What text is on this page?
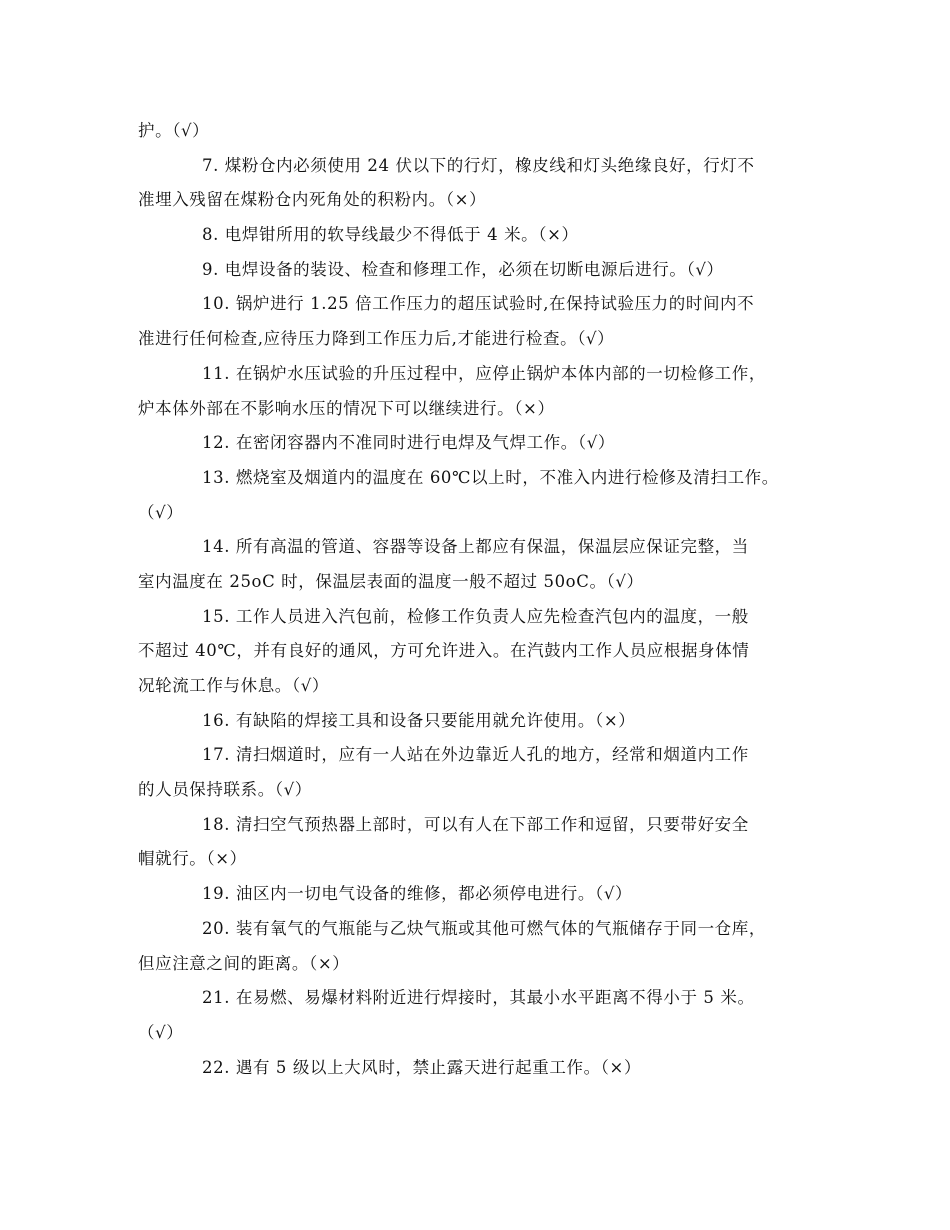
护。（√）
7. 煤粉仓内必须使用 24 伏以下的行灯，橡皮线和灯头绝缘良好，行灯不
准埋入残留在煤粉仓内死角处的积粉内。（×）
8. 电焊钳所用的软导线最少不得低于 4 米。（×）
9. 电焊设备的装设、检查和修理工作，必须在切断电源后进行。（√）
10. 锅炉进行 1.25 倍工作压力的超压试验时,在保持试验压力的时间内不
准进行任何检查,应待压力降到工作压力后,才能进行检查。（√）
11. 在锅炉水压试验的升压过程中，应停止锅炉本体内部的一切检修工作，
炉本体外部在不影响水压的情况下可以继续进行。（×）
12. 在密闭容器内不准同时进行电焊及气焊工作。（√）
13. 燃烧室及烟道内的温度在 60℃以上时，不准入内进行检修及清扫工作。
（√）
14. 所有高温的管道、容器等设备上都应有保温，保温层应保证完整，当
室内温度在 25oC 时，保温层表面的温度一般不超过 50oC。（√）
15. 工作人员进入汽包前，检修工作负责人应先检查汽包内的温度，一般
不超过 40℃，并有良好的通风，方可允许进入。在汽鼓内工作人员应根据身体情
况轮流工作与休息。（√）
16. 有缺陷的焊接工具和设备只要能用就允许使用。（×）
17. 清扫烟道时，应有一人站在外边靠近人孔的地方，经常和烟道内工作
的人员保持联系。（√）
18. 清扫空气预热器上部时，可以有人在下部工作和逗留，只要带好安全
帽就行。（×）
19. 油区内一切电气设备的维修，都必须停电进行。（√）
20. 装有氧气的气瓶能与乙炔气瓶或其他可燃气体的气瓶储存于同一仓库，
但应注意之间的距离。（×）
21. 在易燃、易爆材料附近进行焊接时，其最小水平距离不得小于 5 米。
（√）
22. 遇有 5 级以上大风时，禁止露天进行起重工作。（×）
